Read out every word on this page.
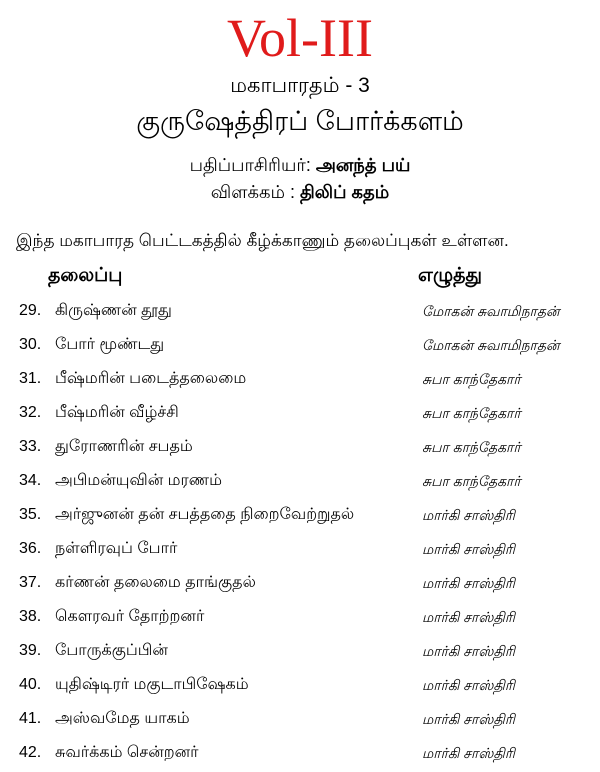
Vol-III
மகாபாரதம் - 3
குருஷேத்திரப் போர்க்களம்
பதிப்பாசிரியர்: அனந்த் பய்
விளக்கம் : திலிப் கதம்
இந்த மகாபாரத பெட்டகத்தில் கீழ்க்காணும் தலைப்புகள் உள்ளன.
தலைப்பு	எழுத்து
29. கிருஷ்ணன் தூது	மோகன் சுவாமிநாதன்
30. போர் மூண்டது	மோகன் சுவாமிநாதன்
31. பீஷ்மரின் படைத்தலைமை	சுபா காந்தேகார்
32. பீஷ்மரின் வீழ்ச்சி	சுபா காந்தேகார்
33. துரோணரின் சபதம்	சுபா காந்தேகார்
34. அபிமன்யுவின் மரணம்	சுபா காந்தேகார்
35. அர்ஜுனன் தன் சபத்ததை நிறைவேற்றுதல்	மார்கி சாஸ்திரி
36. நள்ளிரவுப் போர்	மார்கி சாஸ்திரி
37. கர்ணன் தலைமை தாங்குதல்	மார்கி சாஸ்திரி
38. கௌரவர் தோற்றனர்	மார்கி சாஸ்திரி
39. போருக்குப்பின்	மார்கி சாஸ்திரி
40. யுதிஷ்டிரர் மகுடாபிஷேகம்	மார்கி சாஸ்திரி
41. அஸ்வமேத யாகம்	மார்கி சாஸ்திரி
42. சுவர்க்கம் சென்றனர்	மார்கி சாஸ்திரி
